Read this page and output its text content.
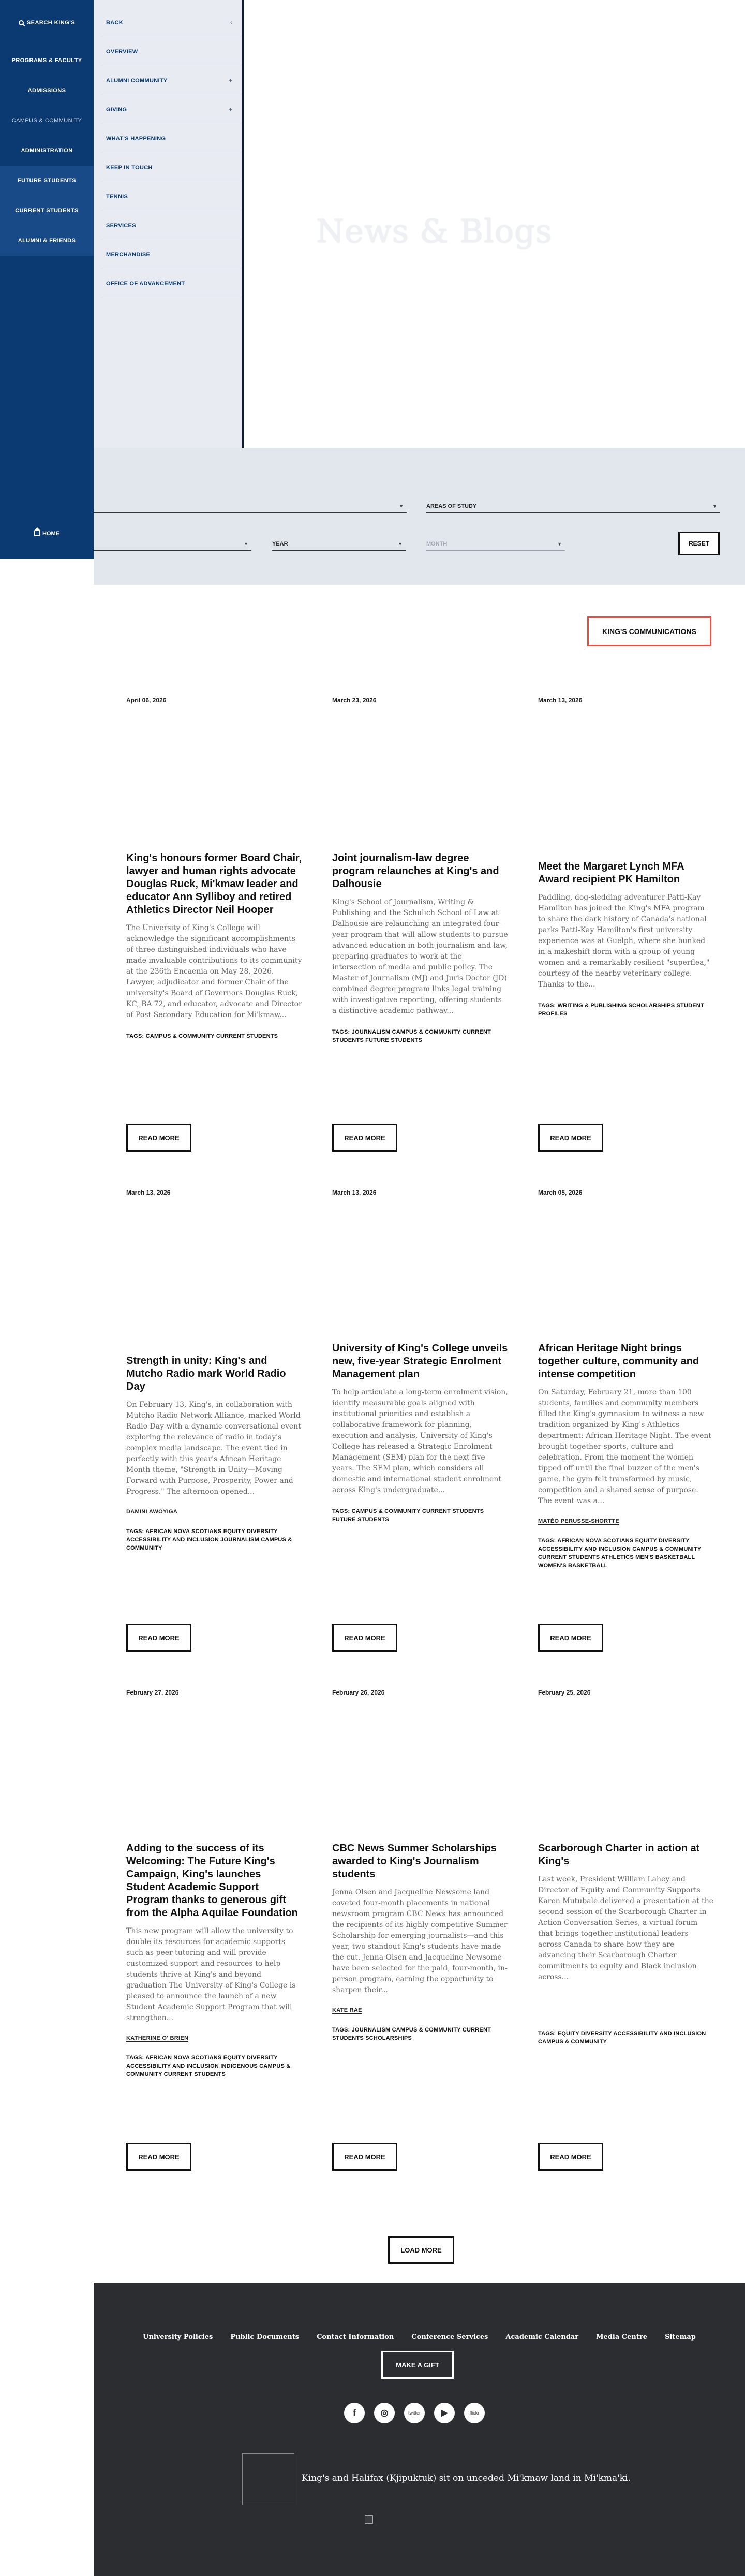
SEARCH KING'S
PROGRAMS & FACULTY
ADMISSIONS
CAMPUS & COMMUNITY
ADMINISTRATION
FUTURE STUDENTS
CURRENT STUDENTS
ALUMNI & FRIENDS
HOME
BACK	‹
OVERVIEW
ALUMNI COMMUNITY	+
GIVING	+
WHAT'S HAPPENING
KEEP IN TOUCH
TENNIS
SERVICES
MERCHANDISE
OFFICE OF ADVANCEMENT
News & Blogs
▼	AREAS OF STUDY	▼
▼	YEAR	▼	MONTH	▼	RESET
KING'S COMMUNICATIONS
April 06, 2026
King's honours former Board Chair, lawyer and human rights advocate Douglas Ruck, Mi'kmaw leader and educator Ann Sylliboy and retired Athletics Director Neil Hooper

The University of King's College will acknowledge the significant accomplishments of three distinguished individuals who have made invaluable contributions to its community at the 236th Encaenia on May 28, 2026. Lawyer, adjudicator and former Chair of the university's Board of Governors Douglas Ruck, KC, BA'72, and educator, advocate and Director of Post Secondary Education for Mi'kmaw...

TAGS: CAMPUS & COMMUNITY CURRENT STUDENTS
READ MORE
March 23, 2026
Joint journalism-law degree program relaunches at King's and Dalhousie

King's School of Journalism, Writing & Publishing and the Schulich School of Law at Dalhousie are relaunching an integrated four-year program that will allow students to pursue advanced education in both journalism and law, preparing graduates to work at the intersection of media and public policy. The Master of Journalism (MJ) and Juris Doctor (JD) combined degree program links legal training with investigative reporting, offering students a distinctive academic pathway...

TAGS: JOURNALISM CAMPUS & COMMUNITY CURRENT STUDENTS FUTURE STUDENTS
READ MORE
March 13, 2026
Meet the Margaret Lynch MFA Award recipient PK Hamilton

Paddling, dog-sledding adventurer Patti-Kay Hamilton has joined the King's MFA program to share the dark history of Canada's national parks Patti-Kay Hamilton's first university experience was at Guelph, where she bunked in a makeshift dorm with a group of young women and a remarkably resilient "superflea," courtesy of the nearby veterinary college. Thanks to the...

TAGS: WRITING & PUBLISHING SCHOLARSHIPS STUDENT PROFILES
READ MORE
March 13, 2026
Strength in unity: King's and Mutcho Radio mark World Radio Day

On February 13, King's, in collaboration with Mutcho Radio Network Alliance, marked World Radio Day with a dynamic conversational event exploring the relevance of radio in today's complex media landscape. The event tied in perfectly with this year's African Heritage Month theme, "Strength in Unity—Moving Forward with Purpose, Prosperity, Power and Progress." The afternoon opened...

DAMINI AWOYIGA
TAGS: AFRICAN NOVA SCOTIANS EQUITY DIVERSITY ACCESSIBILITY AND INCLUSION JOURNALISM CAMPUS & COMMUNITY
READ MORE
March 13, 2026
University of King's College unveils new, five-year Strategic Enrolment Management plan

To help articulate a long-term enrolment vision, identify measurable goals aligned with institutional priorities and establish a collaborative framework for planning, execution and analysis, University of King's College has released a Strategic Enrolment Management (SEM) plan for the next five years. The SEM plan, which considers all domestic and international student enrolment across King's undergraduate...

TAGS: CAMPUS & COMMUNITY CURRENT STUDENTS FUTURE STUDENTS
READ MORE
March 05, 2026
African Heritage Night brings together culture, community and intense competition

On Saturday, February 21, more than 100 students, families and community members filled the King's gymnasium to witness a new tradition organized by King's Athletics department: African Heritage Night. The event brought together sports, culture and celebration. From the moment the women tipped off until the final buzzer of the men's game, the gym felt transformed by music, competition and a shared sense of purpose. The event was a...

MATÉO PERUSSE-SHORTTE
TAGS: AFRICAN NOVA SCOTIANS EQUITY DIVERSITY ACCESSIBILITY AND INCLUSION CAMPUS & COMMUNITY CURRENT STUDENTS ATHLETICS MEN'S BASKETBALL WOMEN'S BASKETBALL
READ MORE
February 27, 2026
Adding to the success of its Welcoming: The Future King's Campaign, King's launches Student Academic Support Program thanks to generous gift from the Alpha Aquilae Foundation

This new program will allow the university to double its resources for academic supports such as peer tutoring and will provide customized support and resources to help students thrive at King's and beyond graduation The University of King's College is pleased to announce the launch of a new Student Academic Support Program that will strengthen...

KATHERINE O' BRIEN
TAGS: AFRICAN NOVA SCOTIANS EQUITY DIVERSITY ACCESSIBILITY AND INCLUSION INDIGENOUS CAMPUS & COMMUNITY CURRENT STUDENTS
READ MORE
February 26, 2026
CBC News Summer Scholarships awarded to King's Journalism students

Jenna Olsen and Jacqueline Newsome land coveted four-month placements in national newsroom program CBC News has announced the recipients of its highly competitive Summer Scholarship for emerging journalists—and this year, two standout King's students have made the cut. Jenna Olsen and Jacqueline Newsome have been selected for the paid, four-month, in-person program, earning the opportunity to sharpen their...

KATE RAE
TAGS: JOURNALISM CAMPUS & COMMUNITY CURRENT STUDENTS SCHOLARSHIPS
READ MORE
February 25, 2026
Scarborough Charter in action at King's

Last week, President William Lahey and Director of Equity and Community Supports Karen Mutubale delivered a presentation at the second session of the Scarborough Charter in Action Conversation Series, a virtual forum that brings together institutional leaders across Canada to share how they are advancing their Scarborough Charter commitments to equity and Black inclusion across...

TAGS: EQUITY DIVERSITY ACCESSIBILITY AND INCLUSION CAMPUS & COMMUNITY
READ MORE
LOAD MORE
University Policies	Public Documents	Contact Information	Conference Services	Academic Calendar	Media Centre	Sitemap
MAKE A GIFT
f	◎	twitter	▶	flickr
King's and Halifax (Kjipuktuk) sit on unceded Mi'kmaw land in Mi'kma'ki.
